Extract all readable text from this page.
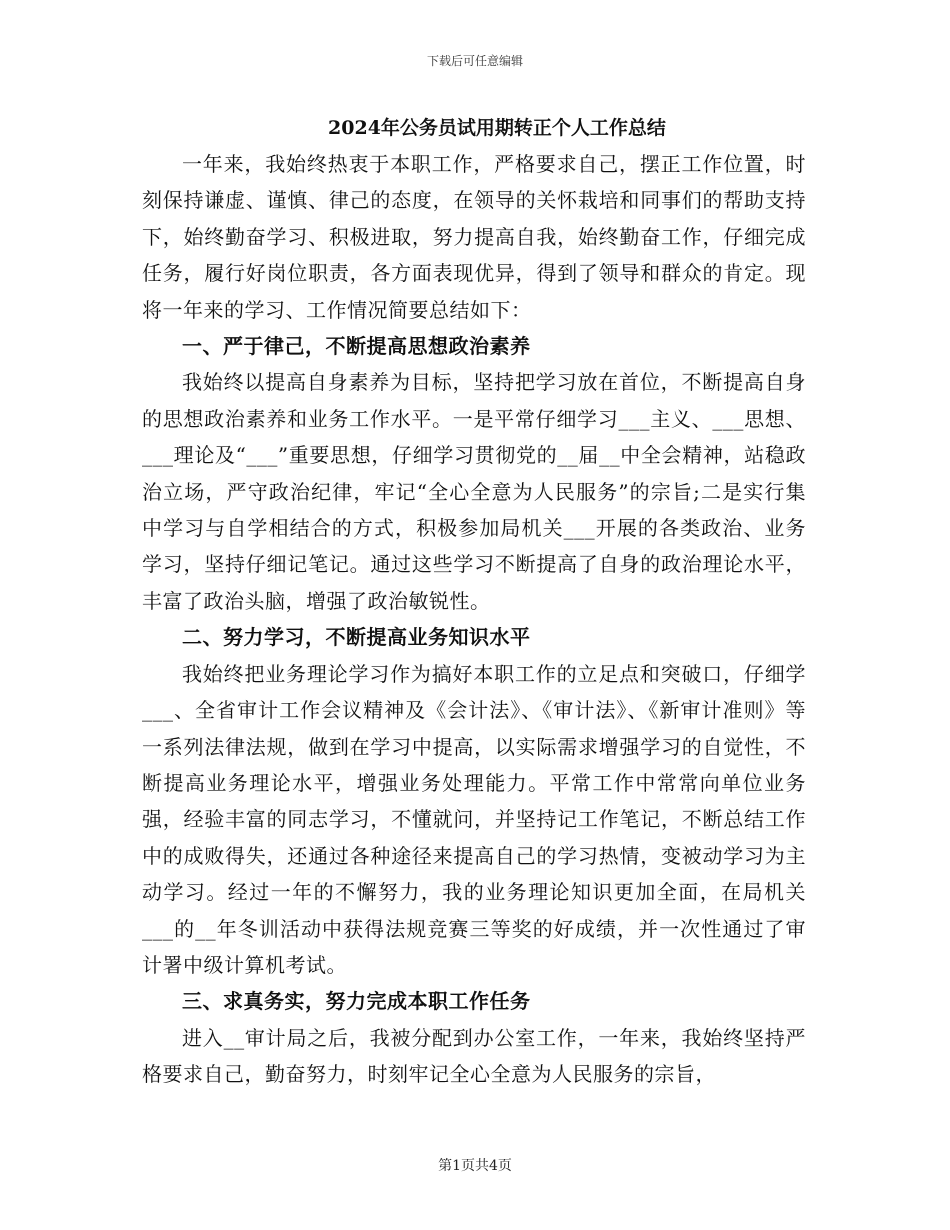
下载后可任意编辑
2024年公务员试用期转正个人工作总结

一年来，我始终热衷于本职工作，严格要求自己，摆正工作位置，时刻保持谦虚、谨慎、律己的态度，在领导的关怀栽培和同事们的帮助支持下，始终勤奋学习、积极进取，努力提高自我，始终勤奋工作，仔细完成任务，履行好岗位职责，各方面表现优异，得到了领导和群众的肯定。现将一年来的学习、工作情况简要总结如下：

一、严于律己，不断提高思想政治素养

我始终以提高自身素养为目标，坚持把学习放在首位，不断提高自身的思想政治素养和业务工作水平。一是平常仔细学习___主义、___思想、___理论及“___”重要思想，仔细学习贯彻党的__届__中全会精神，站稳政治立场，严守政治纪律，牢记“全心全意为人民服务”的宗旨;二是实行集中学习与自学相结合的方式，积极参加局机关___开展的各类政治、业务学习，坚持仔细记笔记。通过这些学习不断提高了自身的政治理论水平，丰富了政治头脑，增强了政治敏锐性。

二、努力学习，不断提高业务知识水平

我始终把业务理论学习作为搞好本职工作的立足点和突破口，仔细学___、全省审计工作会议精神及《会计法》、《审计法》、《新审计准则》等一系列法律法规，做到在学习中提高，以实际需求增强学习的自觉性，不断提高业务理论水平，增强业务处理能力。平常工作中常常向单位业务强，经验丰富的同志学习，不懂就问，并坚持记工作笔记，不断总结工作中的成败得失，还通过各种途径来提高自己的学习热情，变被动学习为主动学习。经过一年的不懈努力，我的业务理论知识更加全面，在局机关___的__年冬训活动中获得法规竞赛三等奖的好成绩，并一次性通过了审计署中级计算机考试。

三、求真务实，努力完成本职工作任务

进入__审计局之后，我被分配到办公室工作，一年来，我始终坚持严格要求自己，勤奋努力，时刻牢记全心全意为人民服务的宗旨，

第1页共4页
